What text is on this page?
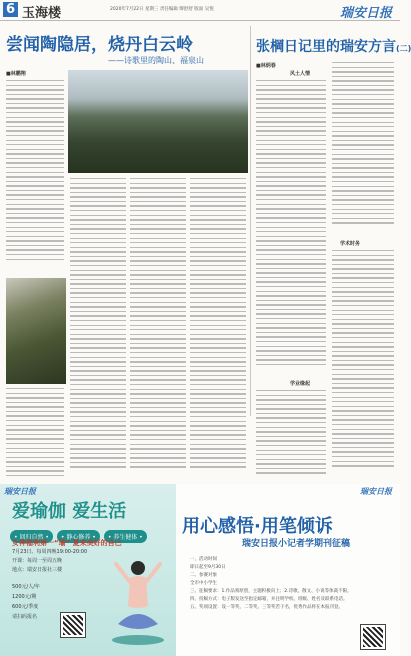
6 玉海楼	2020年7月22日 星期三 责任编辑 缪舒舒 版面 吴悦	瑞安日报
尝闻陶隐居，烧丹白云岭
——诗歌里的陶山、福泉山
■林鹏翔
张棡日记里的瑞安方言(二)
■林炳春
风土人情
学业缘起
学术时务
瑞安日报
爱瑜伽 爱生活
• 回归自然 • • 静心修养 • • 养生健体 •
女神福利第一“瑜” 夏来美好的自己
7月23日、每周四晚19:00-20:00
开课：每周一至周五晚
地点：瑞安日报社三楼
500元/人/年
1200元/期
600元/季度
请扫码报名
瑞安日报
用心感悟·用笔倾诉
瑞安日报小记者学期刊征稿

一、活动时间

即日起至9月30日

二、参赛对象

全市中小学生

三、征稿要求：1.作品须原创，主题积极向上；2.诗歌、散文、小说等体裁不限。

四、投稿方式：电子版发送至指定邮箱，并注明学校、班级、姓名及联系电话。

五、奖项设置：设一等奖、二等奖、三等奖若干名，优秀作品将在本报刊登。
